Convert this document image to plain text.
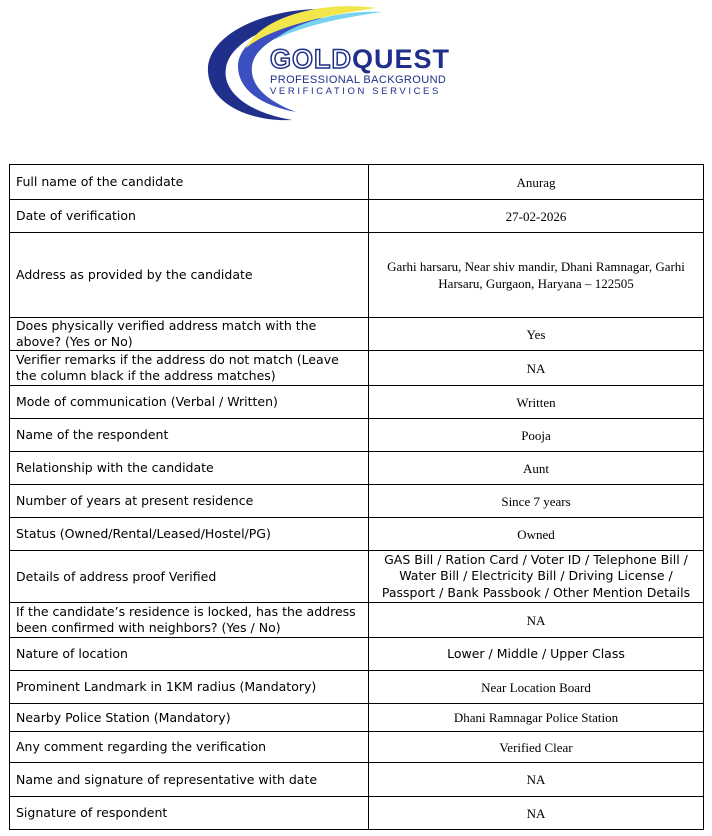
GOLDQUEST
PROFESSIONAL BACKGROUND
VERIFICATION SERVICES
Full name of the candidate	Anurag
Date of verification	27-02-2026
Address as provided by the candidate	Garhi harsaru, Near shiv mandir, Dhani Ramnagar, Garhi Harsaru, Gurgaon, Haryana – 122505
Does physically verified address match with the above? (Yes or No)	Yes
Verifier remarks if the address do not match (Leave the column black if the address matches)	NA
Mode of communication (Verbal / Written)	Written
Name of the respondent	Pooja
Relationship with the candidate	Aunt
Number of years at present residence	Since 7 years
Status (Owned/Rental/Leased/Hostel/PG)	Owned
Details of address proof Verified	GAS Bill / Ration Card / Voter ID / Telephone Bill / Water Bill / Electricity Bill / Driving License / Passport / Bank Passbook / Other Mention Details
If the candidate’s residence is locked, has the address been confirmed with neighbors? (Yes / No)	NA
Nature of location	Lower / Middle / Upper Class
Prominent Landmark in 1KM radius (Mandatory)	Near Location Board
Nearby Police Station (Mandatory)	Dhani Ramnagar Police Station
Any comment regarding the verification	Verified Clear
Name and signature of representative with date	NA
Signature of respondent	NA
